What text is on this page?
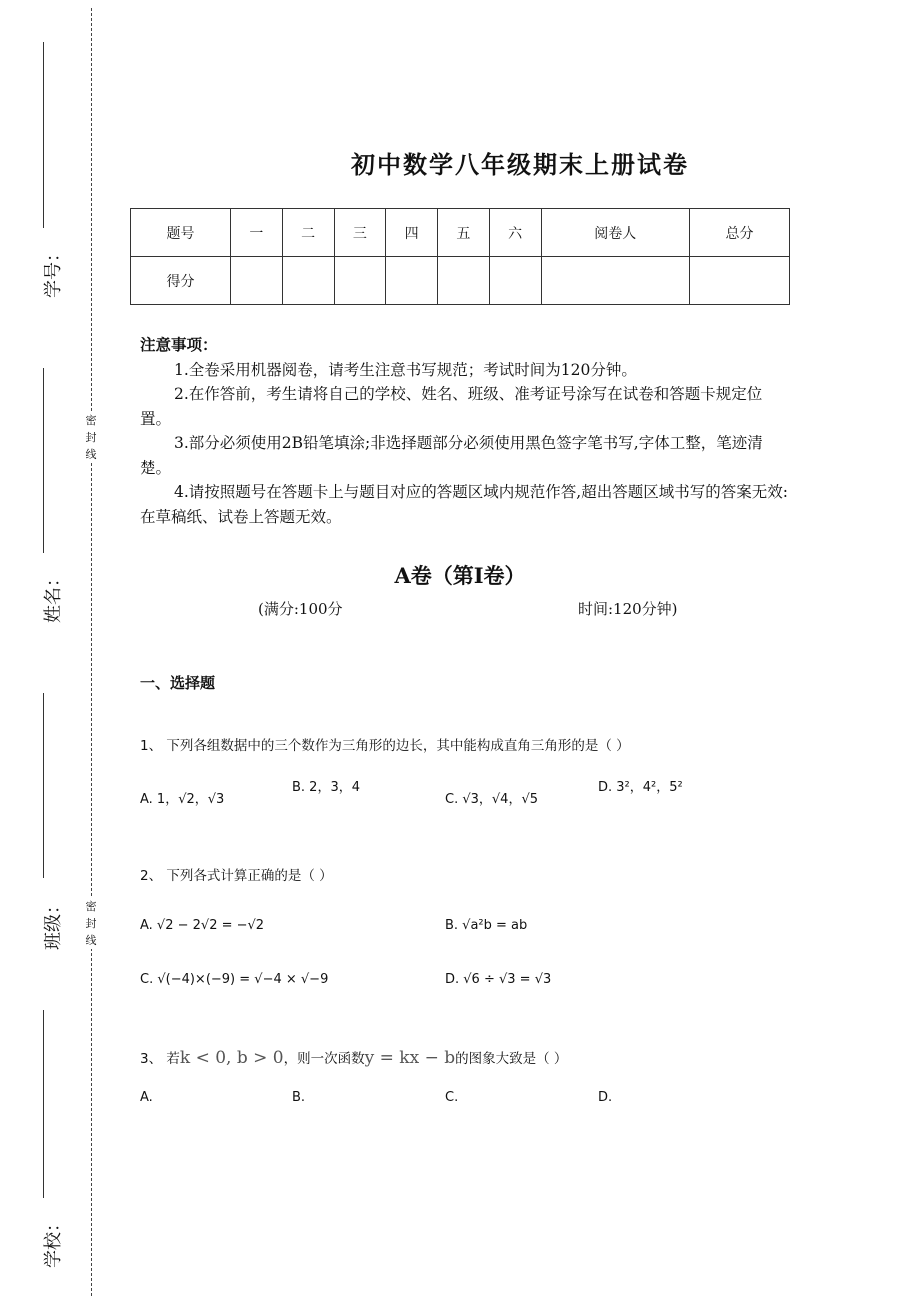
学号：
姓名：
班级：
学校：
密封线
密封线
初中数学八年级期末上册试卷
题号	一	二	三	四	五	六	阅卷人	总分
得分								

注意事项：

1.全卷采用机器阅卷，请考生注意书写规范；考试时间为120分钟。

2.在作答前，考生请将自己的学校、姓名、班级、准考证号涂写在试卷和答题卡规定位置。

3.部分必须使用2B铅笔填涂;非选择题部分必须使用黑色签字笔书写,字体工整，笔迹清楚。

4.请按照题号在答题卡上与题目对应的答题区域内规范作答,超出答题区域书写的答案无效:在草稿纸、试卷上答题无效。

A卷（第I卷）
(满分:100分	时间:120分钟)
一、选择题
1、 下列各组数据中的三个数作为三角形的边长，其中能构成直角三角形的是（ ）
A. 1，√2，√3
B. 2，3，4
C. √3，√4，√5
D. 3²，4²，5²
2、 下列各式计算正确的是（ ）
A. √2 − 2√2 = −√2	B. √a²b = ab
C. √(−4)×(−9) = √−4 × √−9	D. √6 ÷ √3 = √3
3、 若k < 0, b > 0，则一次函数y = kx − b的图象大致是（ ）
A.	B.	C.	D.
